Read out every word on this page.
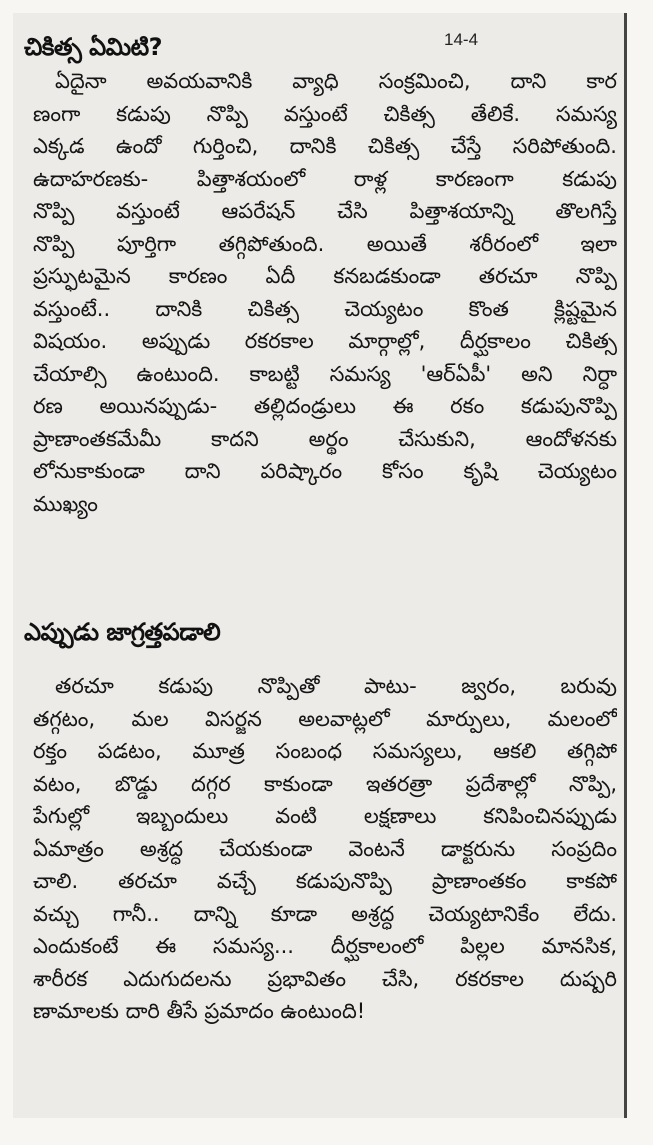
14-4
చికిత్స ఏమిటి?
ఏదైనా అవయవానికి వ్యాధి సంక్రమించి, దాని కార
ణంగా కడుపు నొప్పి వస్తుంటే చికిత్స తేలికే. సమస్య
ఎక్కడ ఉందో గుర్తించి, దానికి చికిత్స చేస్తే సరిపోతుంది.
ఉదాహరణకు- పిత్తాశయంలో రాళ్ల కారణంగా కడుపు
నొప్పి వస్తుంటే ఆపరేషన్ చేసి పిత్తాశయాన్ని తొలగిస్తే
నొప్పి పూర్తిగా తగ్గిపోతుంది. అయితే శరీరంలో ఇలా
ప్రస్ఫుటమైన కారణం ఏదీ కనబడకుండా తరచూ నొప్పి
వస్తుంటే.. దానికి చికిత్స చెయ్యటం కొంత క్లిష్టమైన
విషయం. అప్పుడు రకరకాల మార్గాల్లో, దీర్ఘకాలం చికిత్స
చేయాల్సి ఉంటుంది. కాబట్టి సమస్య 'ఆర్ఏపీ' అని నిర్ధా
రణ అయినప్పుడు- తల్లిదండ్రులు ఈ రకం కడుపునొప్పి
ప్రాణాంతకమేమీ కాదని అర్థం చేసుకుని, ఆందోళనకు
లోనుకాకుండా దాని పరిష్కారం కోసం కృషి చెయ్యటం
ముఖ్యం
ఎప్పుడు జాగ్రత్తపడాలి
తరచూ కడుపు నొప్పితో పాటు- జ్వరం, బరువు
తగ్గటం, మల విసర్జన అలవాట్లలో మార్పులు, మలంలో
రక్తం పడటం, మూత్ర సంబంధ సమస్యలు, ఆకలి తగ్గిపో
వటం, బొడ్డు దగ్గర కాకుండా ఇతరత్రా ప్రదేశాల్లో నొప్పి,
పేగుల్లో ఇబ్బందులు వంటి లక్షణాలు కనిపించినప్పుడు
ఏమాత్రం అశ్రద్ధ చేయకుండా వెంటనే డాక్టరును సంప్రదిం
చాలి. తరచూ వచ్చే కడుపునొప్పి ప్రాణాంతకం కాకపో
వచ్చు గానీ.. దాన్ని కూడా అశ్రద్ధ చెయ్యటానికేం లేదు.
ఎందుకంటే ఈ సమస్య... దీర్ఘకాలంలో పిల్లల మానసిక,
శారీరక ఎదుగుదలను ప్రభావితం చేసి, రకరకాల దుష్పరి
ణామాలకు దారి తీసే ప్రమాదం ఉంటుంది!
